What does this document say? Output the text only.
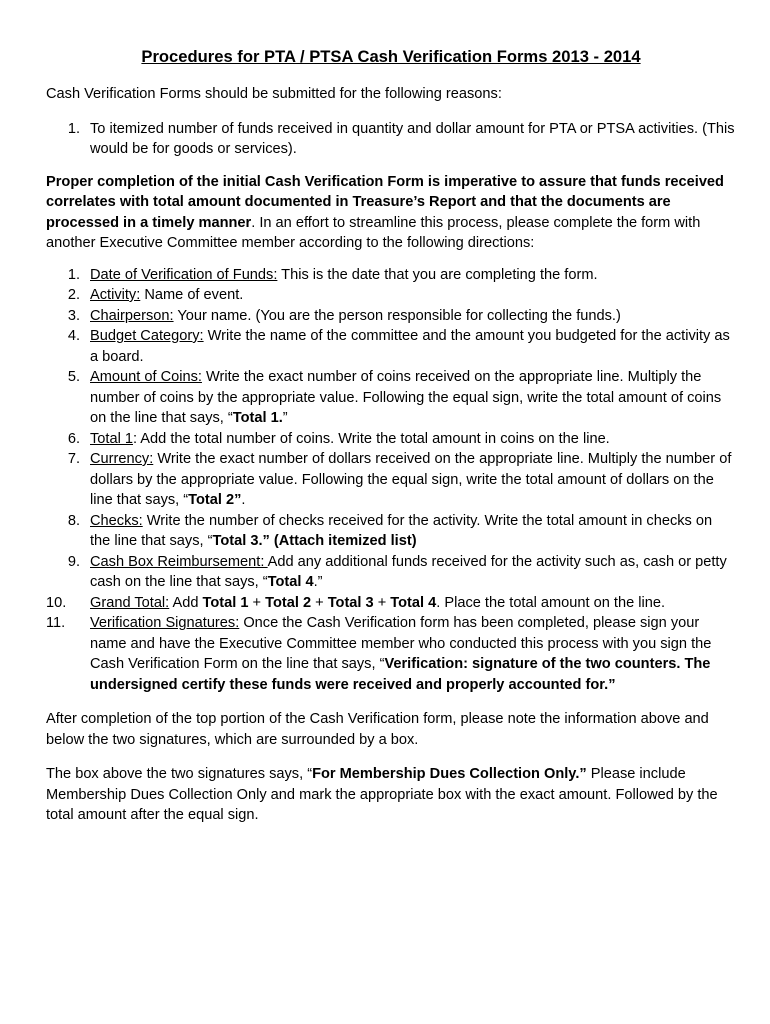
Procedures for PTA / PTSA Cash Verification Forms 2013 - 2014

Cash Verification Forms should be submitted for the following reasons:

1. To itemized number of funds received in quantity and dollar amount for PTA or PTSA activities. (This would be for goods or services).

Proper completion of the initial Cash Verification Form is imperative to assure that funds received correlates with total amount documented in Treasure’s Report and that the documents are processed in a timely manner. In an effort to streamline this process, please complete the form with another Executive Committee member according to the following directions:

1. Date of Verification of Funds: This is the date that you are completing the form.
2. Activity: Name of event.
3. Chairperson: Your name. (You are the person responsible for collecting the funds.)
4. Budget Category: Write the name of the committee and the amount you budgeted for the activity as a board.
5. Amount of Coins: Write the exact number of coins received on the appropriate line. Multiply the number of coins by the appropriate value. Following the equal sign, write the total amount of coins on the line that says, “Total 1.”
6. Total 1: Add the total number of coins. Write the total amount in coins on the line.
7. Currency: Write the exact number of dollars received on the appropriate line. Multiply the number of dollars by the appropriate value. Following the equal sign, write the total amount of dollars on the line that says, “Total 2”.
8. Checks: Write the number of checks received for the activity. Write the total amount in checks on the line that says, “Total 3.” (Attach itemized list)
9. Cash Box Reimbursement: Add any additional funds received for the activity such as, cash or petty cash on the line that says, “Total 4.”
10.	Grand Total: Add Total 1 + Total 2 + Total 3 + Total 4. Place the total amount on the line.
11.	Verification Signatures: Once the Cash Verification form has been completed, please sign your name and have the Executive Committee member who conducted this process with you sign the Cash Verification Form on the line that says, “Verification: signature of the two counters. The undersigned certify these funds were received and properly accounted for.”

After completion of the top portion of the Cash Verification form, please note the information above and below the two signatures, which are surrounded by a box.

The box above the two signatures says, “For Membership Dues Collection Only.” Please include Membership Dues Collection Only and mark the appropriate box with the exact amount. Followed by the total amount after the equal sign.
